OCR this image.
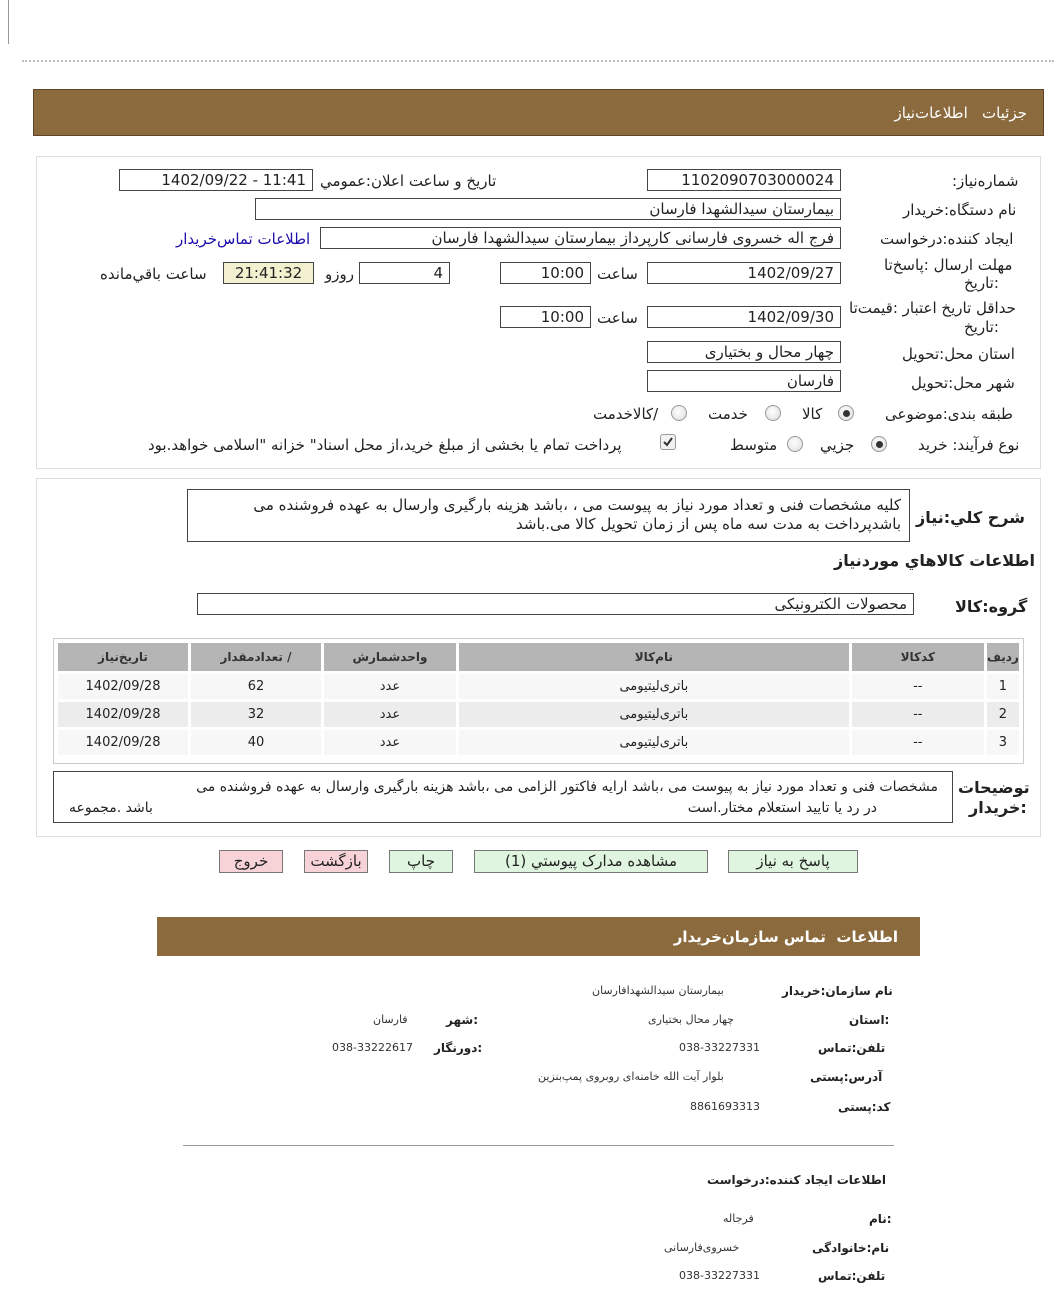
جزئیات   اطلاعات‌نیاز
شماره‌نیاز:
1102090703000024
تاریخ و ساعت اعلان:عمومي
1402/09/22 - 11:41
نام دستگاه:خریدار
بیمارستان سیدالشهدا فارسان
ایجاد کننده:درخواست
فرج اله خسروی فارسانی کارپرداز بیمارستان سیدالشهدا فارسان
اطلاعات تماس‌خریدار
مهلت ارسال :پاسخ‌تا
:تاریخ
1402/09/27
ساعت
10:00
4
روزو
21:41:32
ساعت باقي‌مانده
حداقل تاریخ اعتبار :قیمت‌تا
:تاریخ
1402/09/30
ساعت
10:00
استان محل:تحویل
چهار محال و بختیاری
شهر محل:تحویل
فارسان
طبقه بندی:موضوعی
کالا
خدمت
/کالاخدمت
نوع فرآیند: خرید
جزیي
متوسط
پرداخت تمام یا بخشی از مبلغ خرید،از محل اسناد" خزانه "اسلامی خواهد.بود
شرح کلي:نیاز
کلیه مشخصات فنی و تعداد مورد نیاز به پیوست می ، ،باشد هزینه بارگیری وارسال به عهده فروشنده می
باشدپرداخت به مدت سه ماه پس از زمان تحویل کالا می.باشد
اطلاعات کالاهاي موردنیاز
گروه:کالا
محصولات الکترونیکی
ردیف	کدکالا	نام‌کالا	واحدشمارش	/ تعدادمقدار	تاریخ‌نیاز
1	--	باتری‌لیتیومی	عدد	62	1402/09/28
2	--	باتری‌لیتیومی	عدد	32	1402/09/28
3	--	باتری‌لیتیومی	عدد	40	1402/09/28
توضیحات
:خریدار
مشخصات فنی و تعداد مورد نیاز به پیوست می ،باشد ارایه فاکتور الزامی می ،باشد هزینه بارگیری وارسال به عهده فروشنده می
در رد یا تایید استعلام مختار.است
باشد .مجموعه
پاسخ به نیاز
مشاهده مدارک پیوستي (1)
چاپ
بازگشت
خروج
اطلاعات  تماس سازمان‌خریدار
نام سازمان:خریدار
بیمارستان سیدالشهدافارسان
:استان
چهار محال بختیاری
:شهر
فارسان
تلفن:تماس
038-33227331
:دورنگار
038-33222617
آدرس:پستی
بلوار آیت الله خامنه‌ای روبروی پمپ‌بنزین
کد:پستی
8861693313
اطلاعات ایجاد کننده:درخواست
:نام
فرجاله
نام:خانوادگی
خسروی‌فارسانی
تلفن:تماس
038-33227331
